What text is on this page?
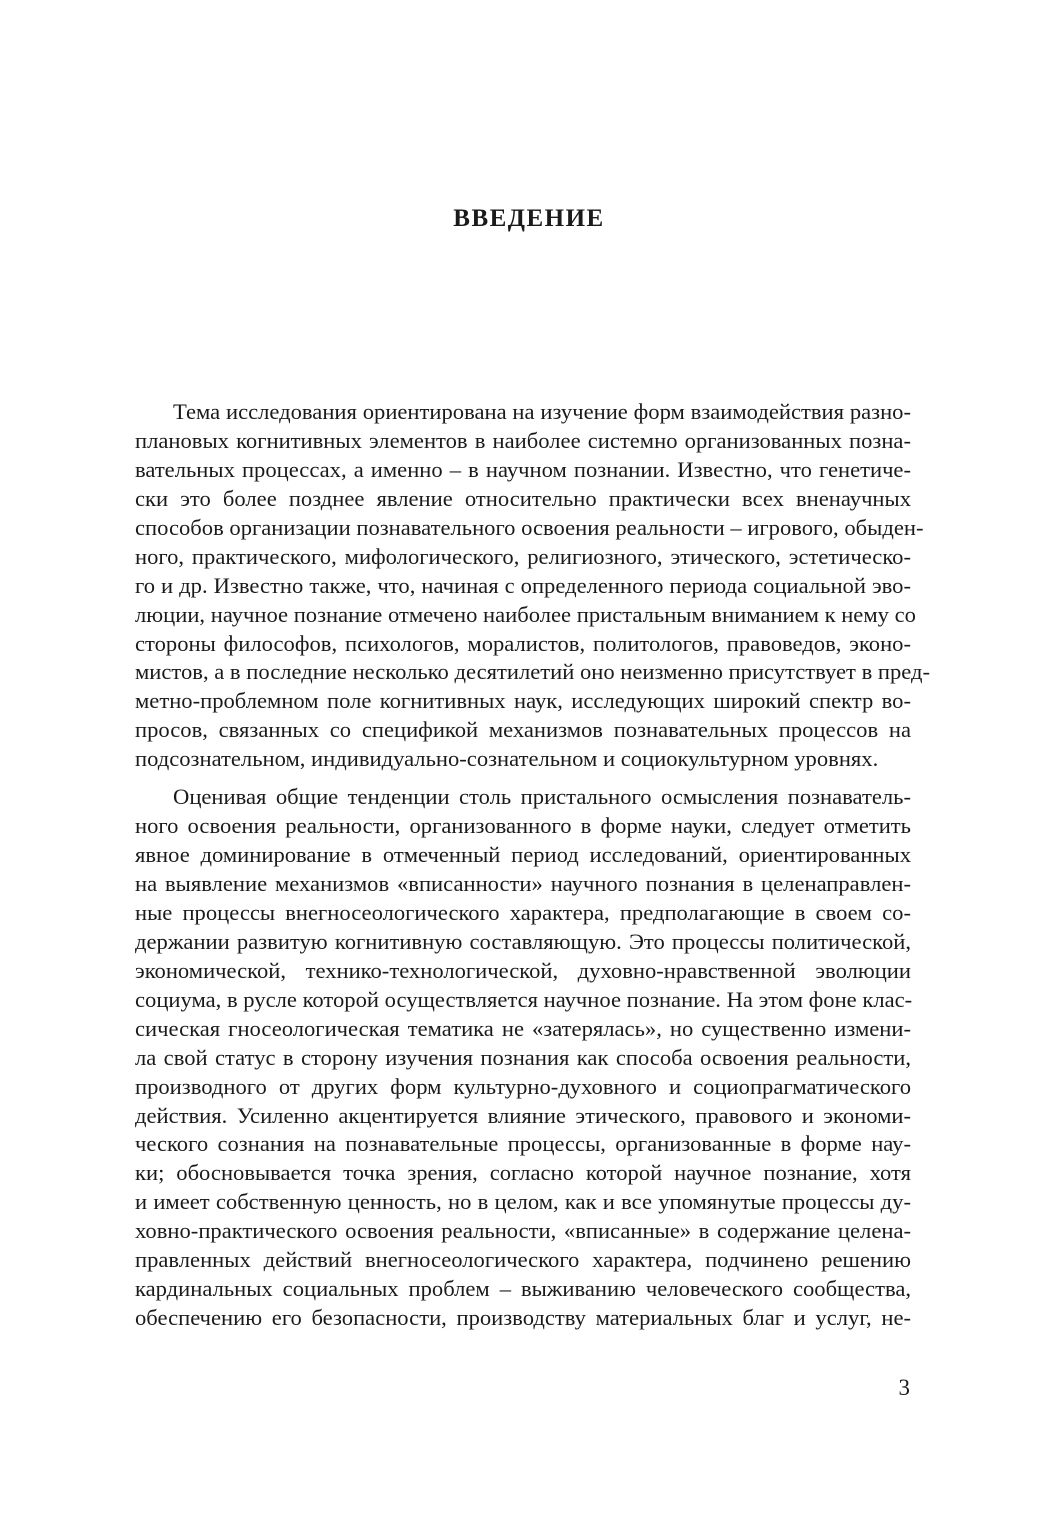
ВВЕДЕНИЕ
Тема исследования ориентирована на изучение форм взаимодействия разно-
плановых когнитивных элементов в наиболее системно организованных позна-
вательных процессах, а именно – в научном познании. Известно, что генетиче-
ски это более позднее явление относительно практически всех вненаучных
способов организации познавательного освоения реальности – игрового, обыден-
ного, практического, мифологического, религиозного, этического, эстетическо-
го и др. Известно также, что, начиная с определенного периода социальной эво-
люции, научное познание отмечено наиболее пристальным вниманием к нему со
стороны философов, психологов, моралистов, политологов, правоведов, эконо-
мистов, а в последние несколько десятилетий оно неизменно присутствует в пред-
метно-проблемном поле когнитивных наук, исследующих широкий спектр во-
просов, связанных со спецификой механизмов познавательных процессов на
подсознательном, индивидуально-сознательном и социокультурном уровнях.
Оценивая общие тенденции столь пристального осмысления познаватель-
ного освоения реальности, организованного в форме науки, следует отметить
явное доминирование в отмеченный период исследований, ориентированных
на выявление механизмов «вписанности» научного познания в целенаправлен-
ные процессы внегносеологического характера, предполагающие в своем со-
держании развитую когнитивную составляющую. Это процессы политической,
экономической, технико-технологической, духовно-нравственной эволюции
социума, в русле которой осуществляется научное познание. На этом фоне клас-
сическая гносеологическая тематика не «затерялась», но существенно измени-
ла свой статус в сторону изучения познания как способа освоения реальности,
производного от других форм культурно-духовного и социопрагматического
действия. Усиленно акцентируется влияние этического, правового и экономи-
ческого сознания на познавательные процессы, организованные в форме нау-
ки; обосновывается точка зрения, согласно которой научное познание, хотя
и имеет собственную ценность, но в целом, как и все упомянутые процессы ду-
ховно-практического освоения реальности, «вписанные» в содержание целена-
правленных действий внегносеологического характера, подчинено решению
кардинальных социальных проблем – выживанию человеческого сообщества,
обеспечению его безопасности, производству материальных благ и услуг, не-
3
